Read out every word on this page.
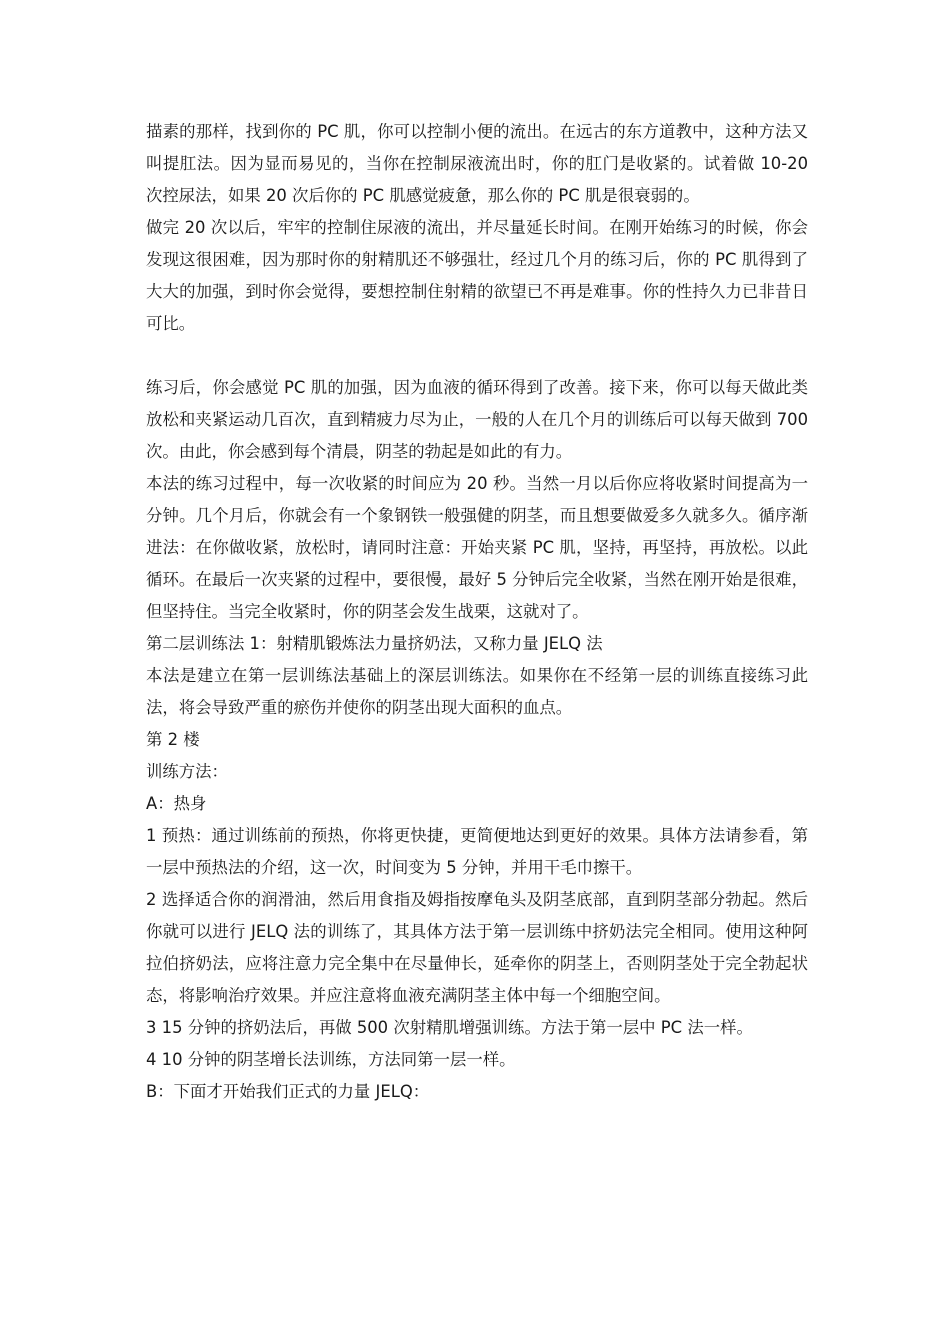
描素的那样，找到你的 PC 肌，你可以控制小便的流出。在远古的东方道教中，这种方法又叫提肛法。因为显而易见的，当你在控制尿液流出时，你的肛门是收紧的。试着做 10-20 次控尿法，如果 20 次后你的 PC 肌感觉疲惫，那么你的 PC 肌是很衰弱的。

做完 20 次以后，牢牢的控制住尿液的流出，并尽量延长时间。在刚开始练习的时候，你会发现这很困难，因为那时你的射精肌还不够强壮，经过几个月的练习后，你的 PC 肌得到了大大的加强，到时你会觉得，要想控制住射精的欲望已不再是难事。你的性持久力已非昔日可比。

练习后，你会感觉 PC 肌的加强，因为血液的循环得到了改善。接下来，你可以每天做此类放松和夹紧运动几百次，直到精疲力尽为止，一般的人在几个月的训练后可以每天做到 700 次。由此，你会感到每个清晨，阴茎的勃起是如此的有力。

本法的练习过程中，每一次收紧的时间应为 20 秒。当然一月以后你应将收紧时间提高为一分钟。几个月后，你就会有一个象钢铁一般强健的阴茎，而且想要做爱多久就多久。循序渐进法：在你做收紧，放松时，请同时注意：开始夹紧 PC 肌，坚持，再坚持，再放松。以此循环。在最后一次夹紧的过程中，要很慢，最好 5 分钟后完全收紧，当然在刚开始是很难，但坚持住。当完全收紧时，你的阴茎会发生战栗，这就对了。

第二层训练法 1：射精肌锻炼法力量挤奶法，又称力量 JELQ 法

本法是建立在第一层训练法基础上的深层训练法。如果你在不经第一层的训练直接练习此法，将会导致严重的瘀伤并使你的阴茎出现大面积的血点。

第 2 楼

训练方法：

A：热身

1 预热：通过训练前的预热，你将更快捷，更简便地达到更好的效果。具体方法请参看，第一层中预热法的介绍，这一次，时间变为 5 分钟，并用干毛巾擦干。

2 选择适合你的润滑油，然后用食指及姆指按摩龟头及阴茎底部，直到阴茎部分勃起。然后你就可以进行 JELQ 法的训练了，其具体方法于第一层训练中挤奶法完全相同。使用这种阿拉伯挤奶法，应将注意力完全集中在尽量伸长，延牵你的阴茎上，否则阴茎处于完全勃起状态，将影响治疗效果。并应注意将血液充满阴茎主体中每一个细胞空间。

3 15 分钟的挤奶法后，再做 500 次射精肌增强训练。方法于第一层中 PC 法一样。

4 10 分钟的阴茎增长法训练，方法同第一层一样。

B：下面才开始我们正式的力量 JELQ：
